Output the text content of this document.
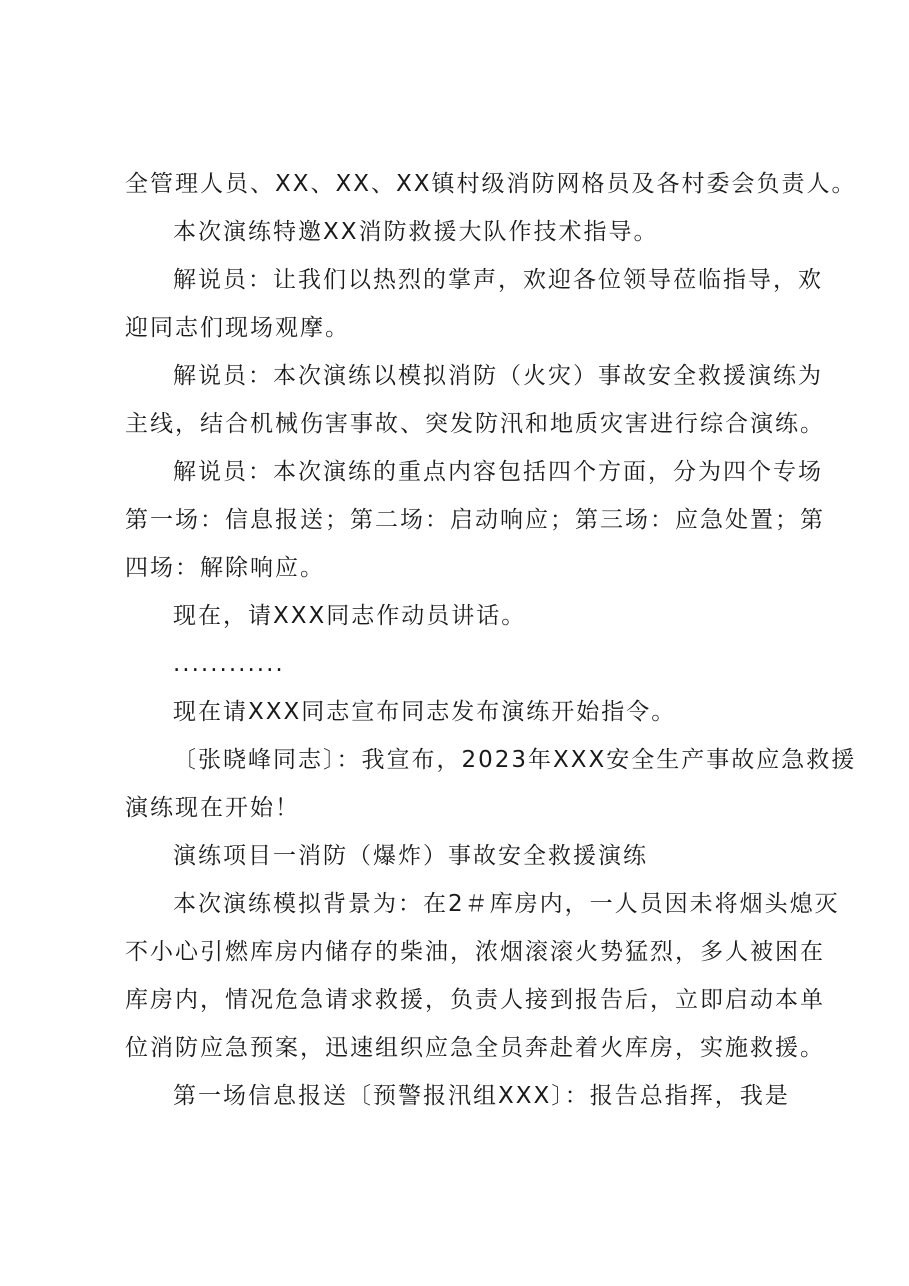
全管理人员、XX、XX、XX镇村级消防网格员及各村委会负责人。
本次演练特邀XX消防救援大队作技术指导。
解说员：让我们以热烈的掌声，欢迎各位领导莅临指导，欢
迎同志们现场观摩。
解说员：本次演练以模拟消防（火灾）事故安全救援演练为
主线，结合机械伤害事故、突发防汛和地质灾害进行综合演练。
解说员：本次演练的重点内容包括四个方面，分为四个专场
第一场：信息报送；第二场：启动响应；第三场：应急处置；第
四场：解除响应。
现在，请XXX同志作动员讲话。
............
现在请XXX同志宣布同志发布演练开始指令。
〔张晓峰同志〕：我宣布，2023年XXX安全生产事故应急救援
演练现在开始！
演练项目一消防（爆炸）事故安全救援演练
本次演练模拟背景为：在2＃库房内，一人员因未将烟头熄灭
不小心引燃库房内储存的柴油，浓烟滚滚火势猛烈，多人被困在
库房内，情况危急请求救援，负责人接到报告后，立即启动本单
位消防应急预案，迅速组织应急全员奔赴着火库房，实施救援。
第一场信息报送〔预警报汛组XXX〕：报告总指挥，我是
